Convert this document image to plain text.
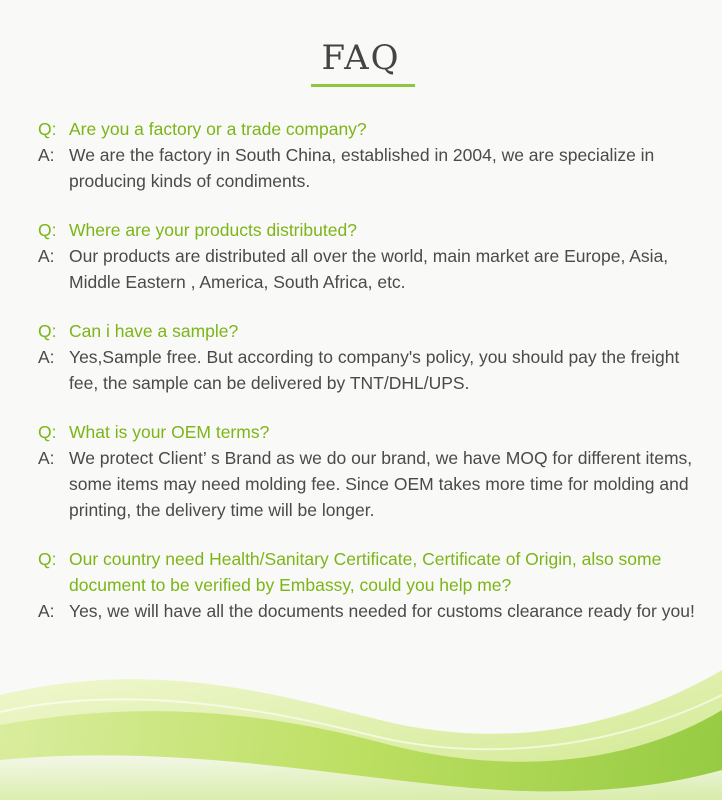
FAQ
Q: Are you a factory or a trade company?
A: We are the factory in South China, established in 2004, we are specialize in producing kinds of condiments.
Q: Where are your products distributed?
A: Our products are distributed all over the world, main market are Europe, Asia, Middle Eastern , America, South Africa, etc.
Q: Can i have a sample?
A: Yes,Sample free. But according to company's policy, you should pay the freight fee, the sample can be delivered by TNT/DHL/UPS.
Q: What is your OEM terms?
A: We protect Client’ s Brand as we do our brand, we have MOQ for different items, some items may need molding fee. Since OEM takes more time for molding and printing, the delivery time will be longer.
Q: Our country need Health/Sanitary Certificate, Certificate of Origin, also some document to be verified by Embassy, could you help me?
A: Yes, we will have all the documents needed for customs clearance ready for you!
